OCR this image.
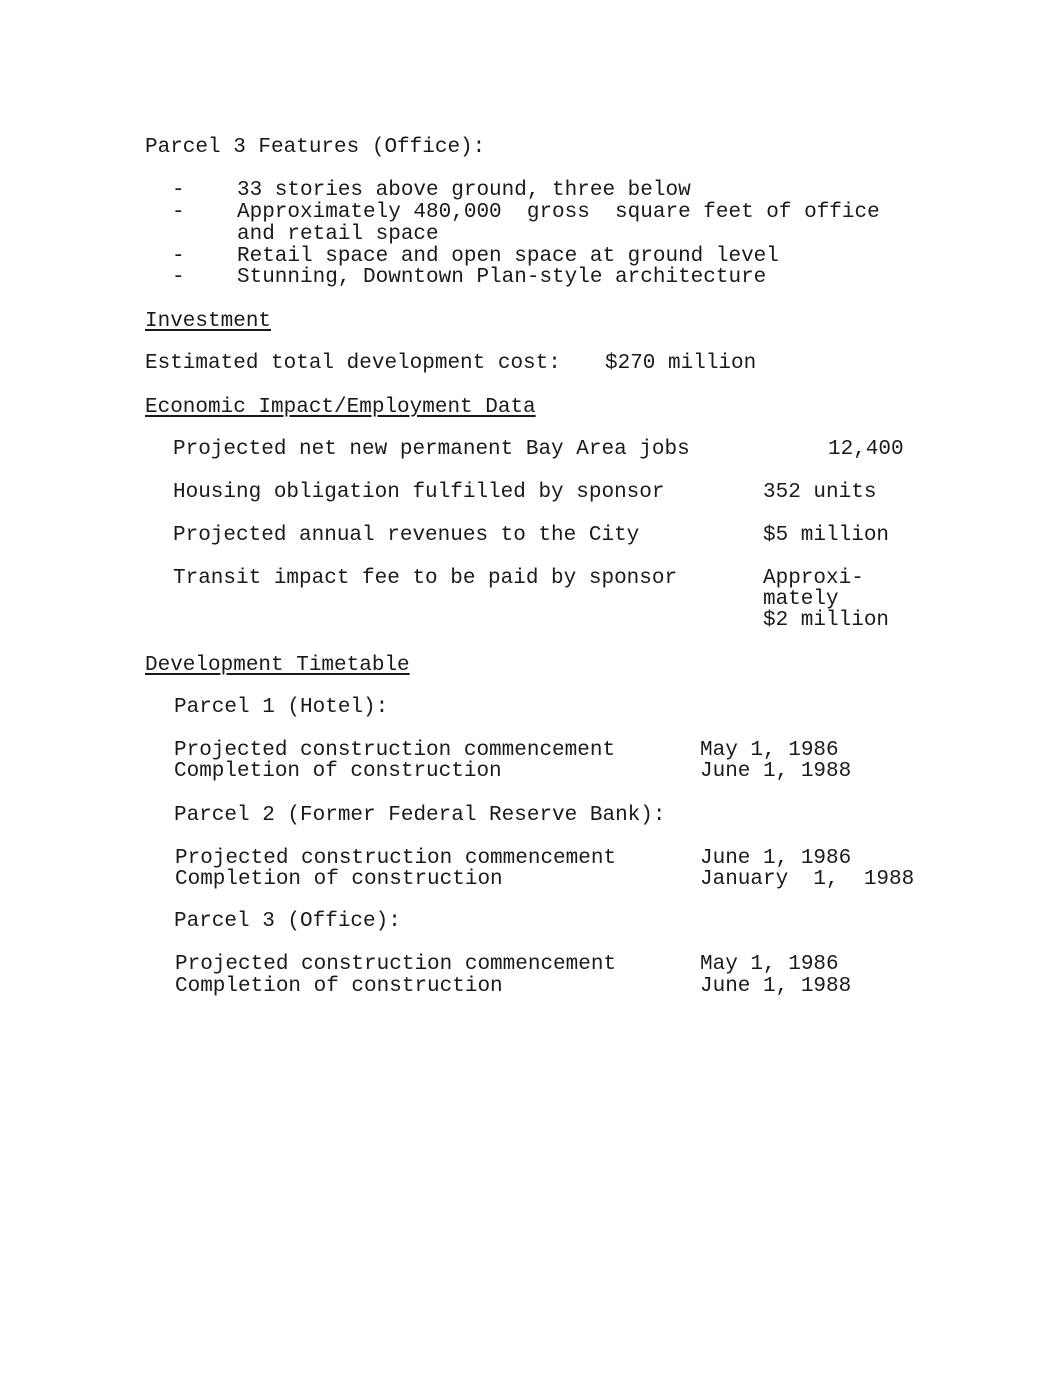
Parcel 3 Features (Office):
- 33 stories above ground, three below
- Approximately 480,000  gross  square feet of office
and retail space
- Retail space and open space at ground level
- Stunning, Downtown Plan-style architecture
Investment
Estimated total development cost: $270 million
Economic Impact/Employment Data
Projected net new permanent Bay Area jobs	12,400
Housing obligation fulfilled by sponsor	352 units
Projected annual revenues to the City	$5 million
Transit impact fee to be paid by sponsor	Approxi-
mately
$2 million
Development Timetable
Parcel 1 (Hotel):
Projected construction commencement	May 1, 1986
Completion of construction	June 1, 1988
Parcel 2 (Former Federal Reserve Bank):
Projected construction commencement	June 1, 1986
Completion of construction	January  1,  1988
Parcel 3 (Office):
Projected construction commencement	May 1, 1986
Completion of construction	June 1, 1988
